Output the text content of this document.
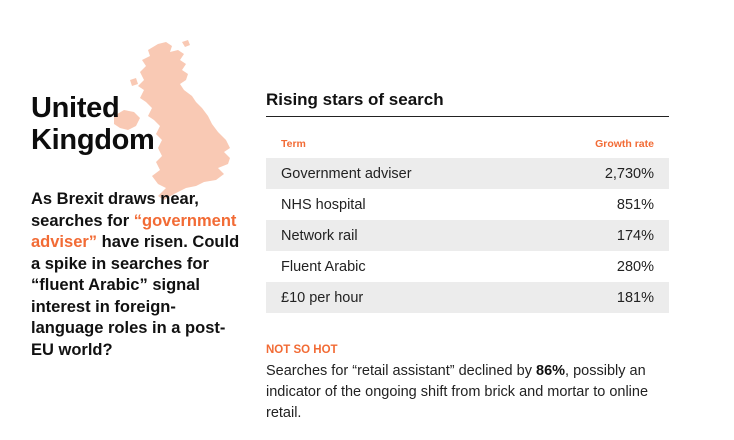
United
Kingdom

As Brexit draws near, searches for “government adviser” have risen. Could a spike in searches for “fluent Arabic” signal interest in foreign-language roles in a post-EU world?

Rising stars of search
Term	Growth rate
Government adviser	2,730%
NHS hospital	851%
Network rail	174%
Fluent Arabic	280%
£10 per hour	181%
NOT SO HOT

Searches for “retail assistant” declined by 86%, possibly an indicator of the ongoing shift from brick and mortar to online retail.
